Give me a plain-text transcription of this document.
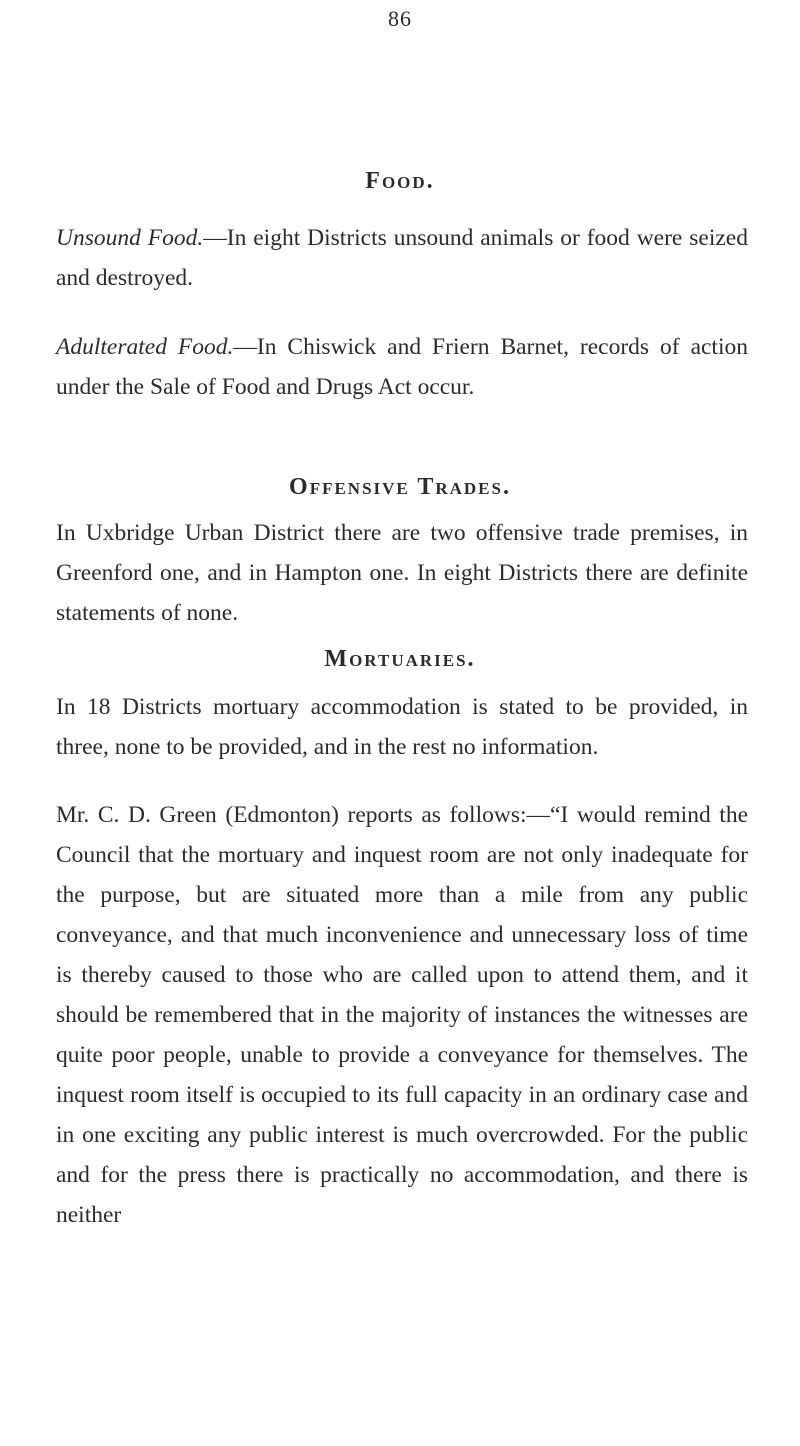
86
Food.

Unsound Food.—In eight Districts unsound animals or food were seized and destroyed.

Adulterated Food.—In Chiswick and Friern Barnet, records of action under the Sale of Food and Drugs Act occur.

Offensive Trades.

In Uxbridge Urban District there are two offensive trade premises, in Greenford one, and in Hampton one. In eight Districts there are definite statements of none.

Mortuaries.

In 18 Districts mortuary accommodation is stated to be provided, in three, none to be provided, and in the rest no information.

Mr. C. D. Green (Edmonton) reports as follows:—“I would remind the Council that the mortuary and inquest room are not only inadequate for the purpose, but are situated more than a mile from any public conveyance, and that much inconvenience and unnecessary loss of time is thereby caused to those who are called upon to attend them, and it should be remembered that in the majority of instances the witnesses are quite poor people, unable to provide a conveyance for themselves. The inquest room itself is occupied to its full capacity in an ordinary case and in one exciting any public interest is much overcrowded. For the public and for the press there is practically no accommodation, and there is neither
